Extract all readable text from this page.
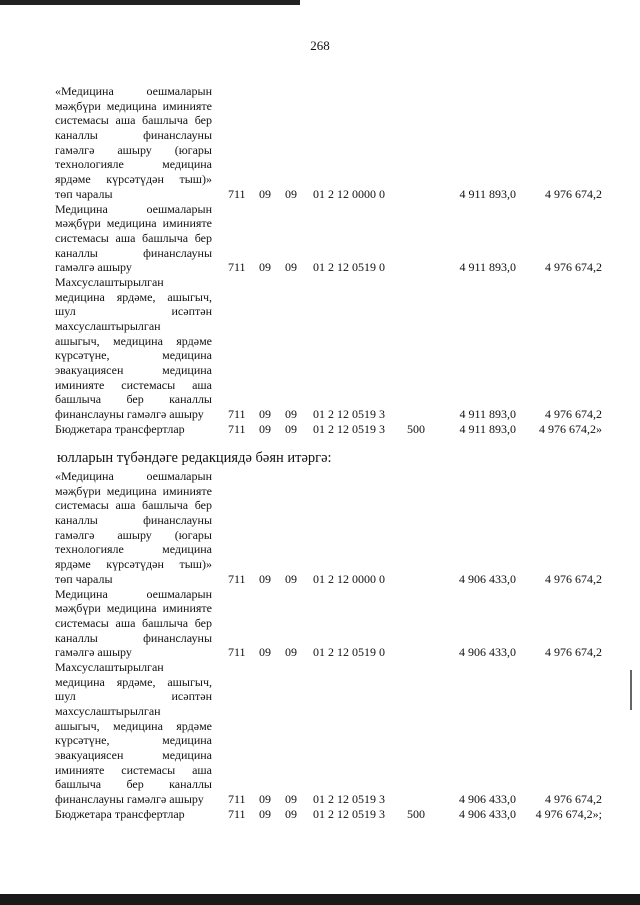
268
«Медицина оешмаларын
мәҗбүри медицина иминияте
системасы аша башлыча бер
каналлы финанслауны
гамәлгә ашыру (югары
технологияле медицина
ярдәме күрсәтүдән тыш)»
төп чаралы	711 09 09 01 2 12 0000 0	4 911 893,0	4 976 674,2
Медицина оешмаларын
мәҗбүри медицина иминияте
системасы аша башлыча бер
каналлы финанслауны
гамәлгә ашыру	711 09 09 01 2 12 0519 0	4 911 893,0	4 976 674,2
Махсуслаштырылган
медицина ярдәме, ашыгыч,
шул исәптән
махсуслаштырылган
ашыгыч, медицина ярдәме
күрсәтүне, медицина
эвакуациясен медицина
иминияте системасы аша
башлыча бер каналлы
финанслауны гамәлгә ашыру	711 09 09 01 2 12 0519 3	4 911 893,0	4 976 674,2
Бюджетара трансфертлар	711 09 09 01 2 12 0519 3 500	4 911 893,0	4 976 674,2»
юлларын түбәндәге редакциядә бәян итәргә:
«Медицина оешмаларын
мәҗбүри медицина иминияте
системасы аша башлыча бер
каналлы финанслауны
гамәлгә ашыру (югары
технологияле медицина
ярдәме күрсәтүдән тыш)»
төп чаралы	711 09 09 01 2 12 0000 0	4 906 433,0	4 976 674,2
Медицина оешмаларын
мәҗбүри медицина иминияте
системасы аша башлыча бер
каналлы финанслауны
гамәлгә ашыру	711 09 09 01 2 12 0519 0	4 906 433,0	4 976 674,2
Махсуслаштырылган
медицина ярдәме, ашыгыч,
шул исәптән
махсуслаштырылган
ашыгыч, медицина ярдәме
күрсәтүне, медицина
эвакуациясен медицина
иминияте системасы аша
башлыча бер каналлы
финанслауны гамәлгә ашыру	711 09 09 01 2 12 0519 3	4 906 433,0	4 976 674,2
Бюджетара трансфертлар	711 09 09 01 2 12 0519 3 500	4 906 433,0	4 976 674,2»;
